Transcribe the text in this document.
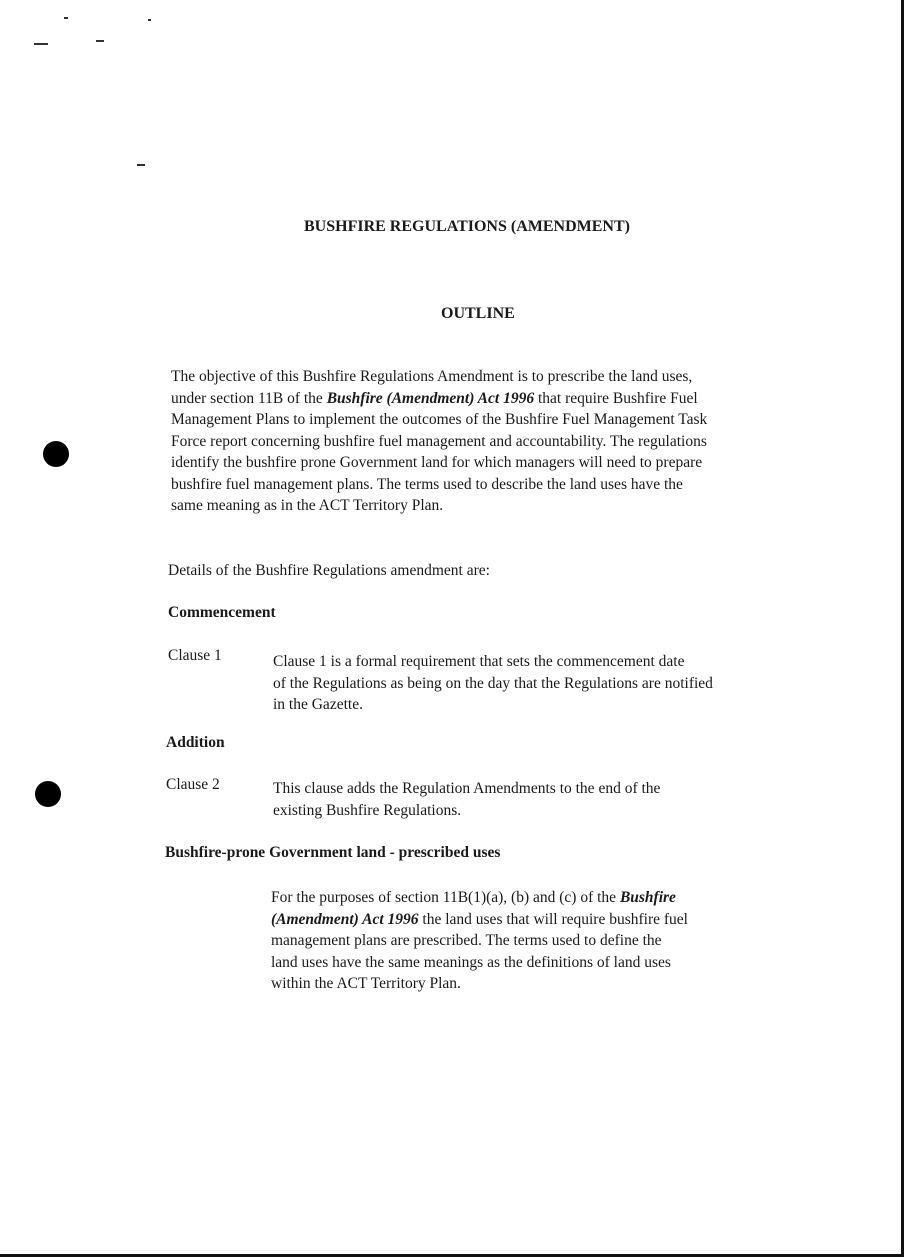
BUSHFIRE REGULATIONS (AMENDMENT)
OUTLINE

The objective of this Bushfire Regulations Amendment is to prescribe the land uses,
under section 11B of the Bushfire (Amendment) Act 1996 that require Bushfire Fuel
Management Plans to implement the outcomes of the Bushfire Fuel Management Task
Force report concerning bushfire fuel management and accountability. The regulations
identify the bushfire prone Government land for which managers will need to prepare
bushfire fuel management plans. The terms used to describe the land uses have the
same meaning as in the ACT Territory Plan.

Details of the Bushfire Regulations amendment are:
Commencement
Clause 1	Clause 1 is a formal requirement that sets the commencement date
of the Regulations as being on the day that the Regulations are notified
in the Gazette.

Addition
Clause 2	This clause adds the Regulation Amendments to the end of the
existing Bushfire Regulations.

Bushfire-prone Government land - prescribed uses

For the purposes of section 11B(1)(a), (b) and (c) of the Bushfire
(Amendment) Act 1996 the land uses that will require bushfire fuel
management plans are prescribed. The terms used to define the
land uses have the same meanings as the definitions of land uses
within the ACT Territory Plan.
